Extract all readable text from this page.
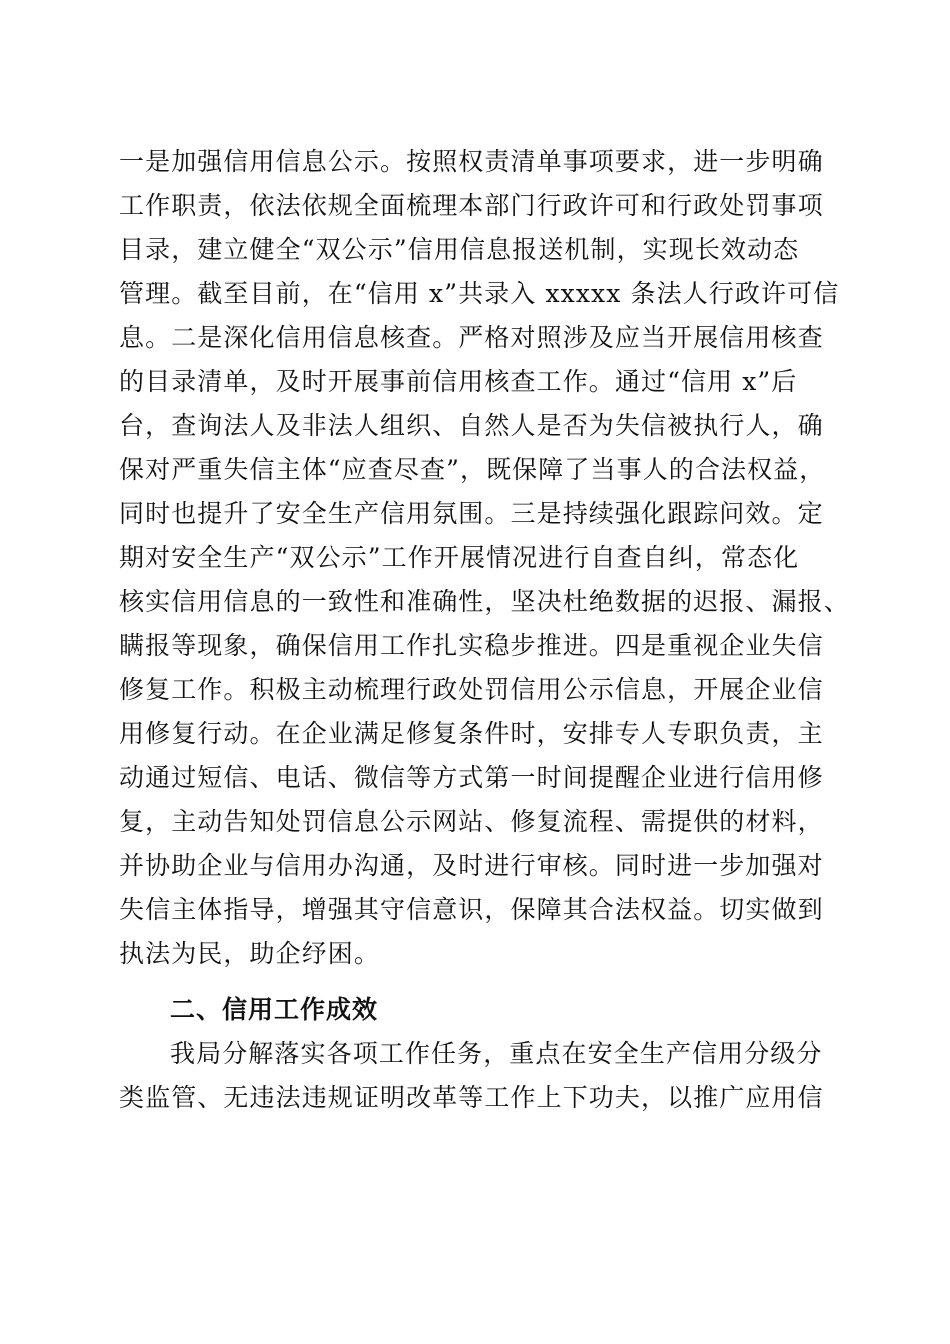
一是加强信用信息公示。按照权责清单事项要求，进一步明确

工作职责，依法依规全面梳理本部门行政许可和行政处罚事项

目录，建立健全“双公示”信用信息报送机制，实现长效动态

管理。截至目前，在“信用 x”共录入 xxxxx 条法人行政许可信

息。二是深化信用信息核查。严格对照涉及应当开展信用核查

的目录清单，及时开展事前信用核查工作。通过“信用 x”后

台，查询法人及非法人组织、自然人是否为失信被执行人，确

保对严重失信主体“应查尽查”，既保障了当事人的合法权益，

同时也提升了安全生产信用氛围。三是持续强化跟踪问效。定

期对安全生产“双公示”工作开展情况进行自查自纠，常态化

核实信用信息的一致性和准确性，坚决杜绝数据的迟报、漏报、

瞒报等现象，确保信用工作扎实稳步推进。四是重视企业失信

修复工作。积极主动梳理行政处罚信用公示信息，开展企业信

用修复行动。在企业满足修复条件时，安排专人专职负责，主

动通过短信、电话、微信等方式第一时间提醒企业进行信用修

复，主动告知处罚信息公示网站、修复流程、需提供的材料，

并协助企业与信用办沟通，及时进行审核。同时进一步加强对

失信主体指导，增强其守信意识，保障其合法权益。切实做到

执法为民，助企纾困。

二、信用工作成效

我局分解落实各项工作任务，重点在安全生产信用分级分

类监管、无违法违规证明改革等工作上下功夫，以推广应用信
